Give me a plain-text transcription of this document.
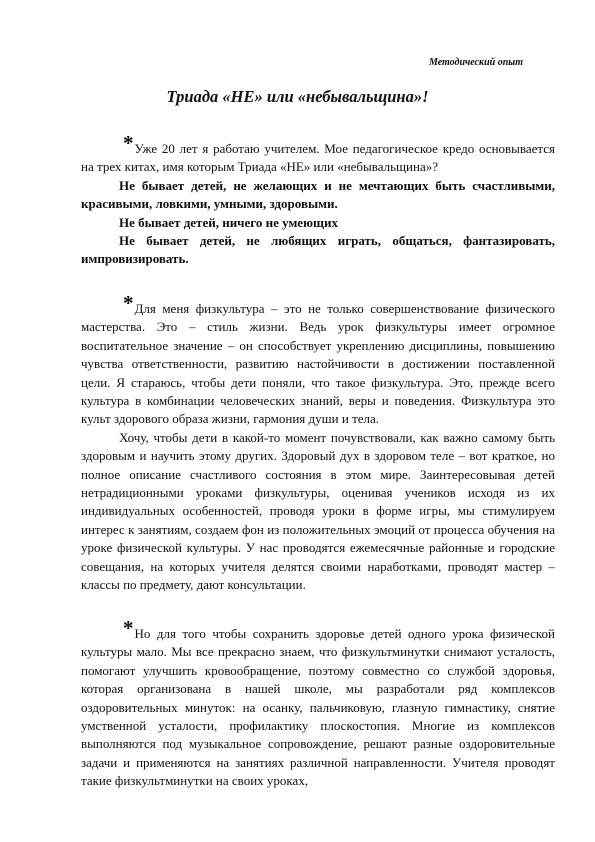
Методический опыт
Триада «НЕ» или «небывальщина»!

*Уже 20 лет я работаю учителем. Мое педагогическое кредо основывается на трех китах, имя которым Триада «НЕ» или «небывальщина»?

Не бывает детей, не желающих и не мечтающих быть счастливыми, красивыми, ловкими, умными, здоровыми.

Не бывает детей, ничего не умеющих

Не бывает детей, не любящих играть, общаться, фантазировать, импровизировать.

*Для меня физкультура – это не только совершенствование физического мастерства. Это – стиль жизни. Ведь урок физкультуры имеет огромное воспитательное значение – он способствует укреплению дисциплины, повышению чувства ответственности, развитию настойчивости в достижении поставленной цели. Я стараюсь, чтобы дети поняли, что такое физкультура. Это, прежде всего культура в комбинации человеческих знаний, веры и поведения. Физкультура это культ здорового образа жизни, гармония души и тела.

Хочу, чтобы дети в какой-то момент почувствовали, как важно самому быть здоровым и научить этому других. Здоровый дух в здоровом теле – вот краткое, но полное описание счастливого состояния в этом мире. Заинтересовывая детей нетрадиционными уроками физкультуры, оценивая учеников исходя из их индивидуальных особенностей, проводя уроки в форме игры, мы стимулируем интерес к занятиям, создаем фон из положительных эмоций от процесса обучения на уроке физической культуры. У нас проводятся ежемесячные районные и городские совещания, на которых учителя делятся своими наработками, проводят мастер – классы по предмету, дают консультации.

*Но для того чтобы сохранить здоровье детей одного урока физической культуры мало. Мы все прекрасно знаем, что физкультминутки снимают усталость, помогают улучшить кровообращение, поэтому совместно со службой здоровья, которая организована в нашей школе, мы разработали ряд комплексов оздоровительных минуток: на осанку, пальчиковую, глазную гимнастику, снятие умственной усталости, профилактику плоскостопия. Многие из комплексов выполняются под музыкальное сопровождение, решают разные оздоровительные задачи и применяются на занятиях различной направленности. Учителя проводят такие физкультминутки на своих уроках,
